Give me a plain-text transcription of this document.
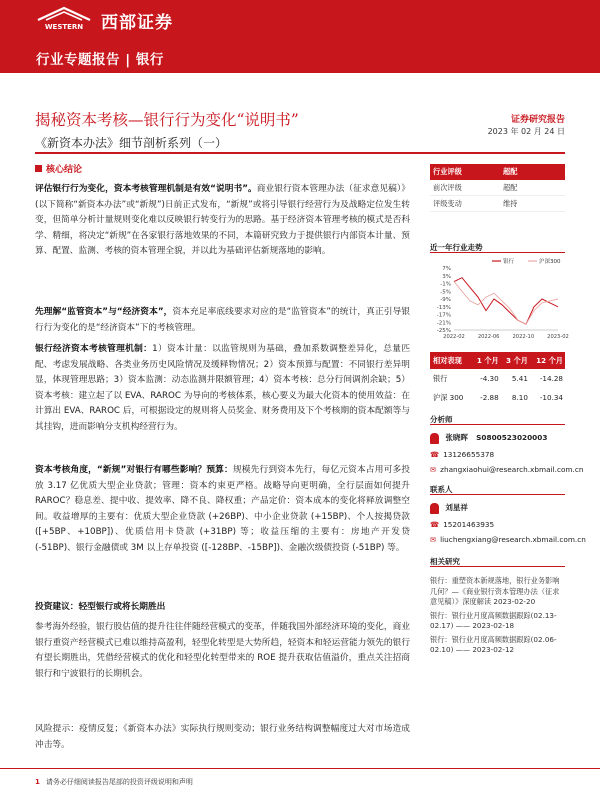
WESTERN 西部证券
行业专题报告 | 银行
揭秘资本考核—银行行为变化“说明书”
《新资本办法》细节剖析系列（一）
证券研究报告
2023 年 02 月 24 日
核心结论
评估银行行为变化，资本考核管理机制是有效“说明书”。商业银行资本管理办法（征求意见稿）》(以下简称“新资本办法”或“新规”)日前正式发布，“新规”或将引导银行经营行为及战略定位发生转变，但简单分析计量规则变化难以反映银行转变行为的思路。基于经济资本管理考核的模式是否科学、精细，将决定“新规”在各家银行落地效果的不同，本篇研究致力于提供银行内部资本计量、预算、配置、监测、考核的资本管理全貌，并以此为基础评估新规落地的影响。
先理解“监管资本”与“经济资本”，资本充足率底线要求对应的是“监管资本”的统计，真正引导银行行为变化的是“经济资本”下的考核管理。
银行经济资本考核管理机制：1）资本计量：以监管规则为基础，叠加系数调整差异化，总量匹配、考虑发展战略、各类业务历史风险情况及缓释物情况；2）资本预算与配置：不同银行差异明显，体现管理思路；3）资本监测：动态监测并限额管理；4）资本考核：总分行间调剂余缺；5）资本考核：建立起了以 EVA、RAROC 为导向的考核体系，核心要义为最大化资本的使用效益：在计算出 EVA、RAROC 后，可根据设定的规则将人员奖金、财务费用及下个考核期的资本配额等与其挂钩，进而影响分支机构经营行为。
资本考核角度，“新规”对银行有哪些影响？预算：规模先行到资本先行，每亿元资本占用可多投放 3.17 亿优质大型企业贷款；管理：资本约束更严格。战略导向更明确，全行层面如何提升 RAROC？稳息差、提中收、提效率、降不良、降权重；产品定价：资本成本的变化将释放调整空间。收益增厚的主要有：优质大型企业贷款 (+26BP)、中小企业贷款 (+15BP)、个人按揭贷款 ([+5BP、+10BP])、优质信用卡贷款 (+31BP) 等；收益压缩的主要有：房地产开发贷 (-51BP)、银行金融债或 3M 以上存单投资 ([-128BP、-15BP])、金融次级债投资 (-51BP) 等。
投资建议：轻型银行或将长期胜出
参考海外经验，银行股估值的提升往往伴随经营模式的变革，伴随我国外部经济环境的变化，商业银行重资产经营模式已难以维持高盈利，轻型化转型是大势所趋，轻资本和轻运营能力领先的银行有望长期胜出，凭借经营模式的优化和轻型化转型带来的 ROE 提升获取估值溢价，重点关注招商银行和宁波银行的长期机会。
风险提示：疫情反复；《新资本办法》实际执行规则变动；银行业务结构调整幅度过大对市场造成冲击等。
行业评级	超配
前次评级	超配
评级变动	维持
近一年行业走势
7%
3%
-1%
-5%
-9%
-13%
-17%
-21%
-25%
2022-02 2022-06 2022-10 2023-02
银行	沪深300
相对表现	1 个月	3 个月	12 个月
银行	-4.30	5.41	-14.28
沪深 300	-2.88	8.10	-10.34
分析师
张晓晖 S0800523020003
☎ 13126655378
✉ zhangxiaohui@research.xbmail.com.cn
联系人
刘星祥
☎ 15201463935
✉ liuchengxiang@research.xbmail.com.cn
相关研究
银行：重塑资本新规落地，银行业务影响几何？—《商业银行资本管理办法（征求意见稿）》深度解读 2023-02-20
银行：银行业月度高频数据跟踪(02.13-02.17) —— 2023-02-18
银行：银行业月度高频数据跟踪(02.06-02.10) —— 2023-02-12
1 请务必仔细阅读报告尾部的投资评级说明和声明
